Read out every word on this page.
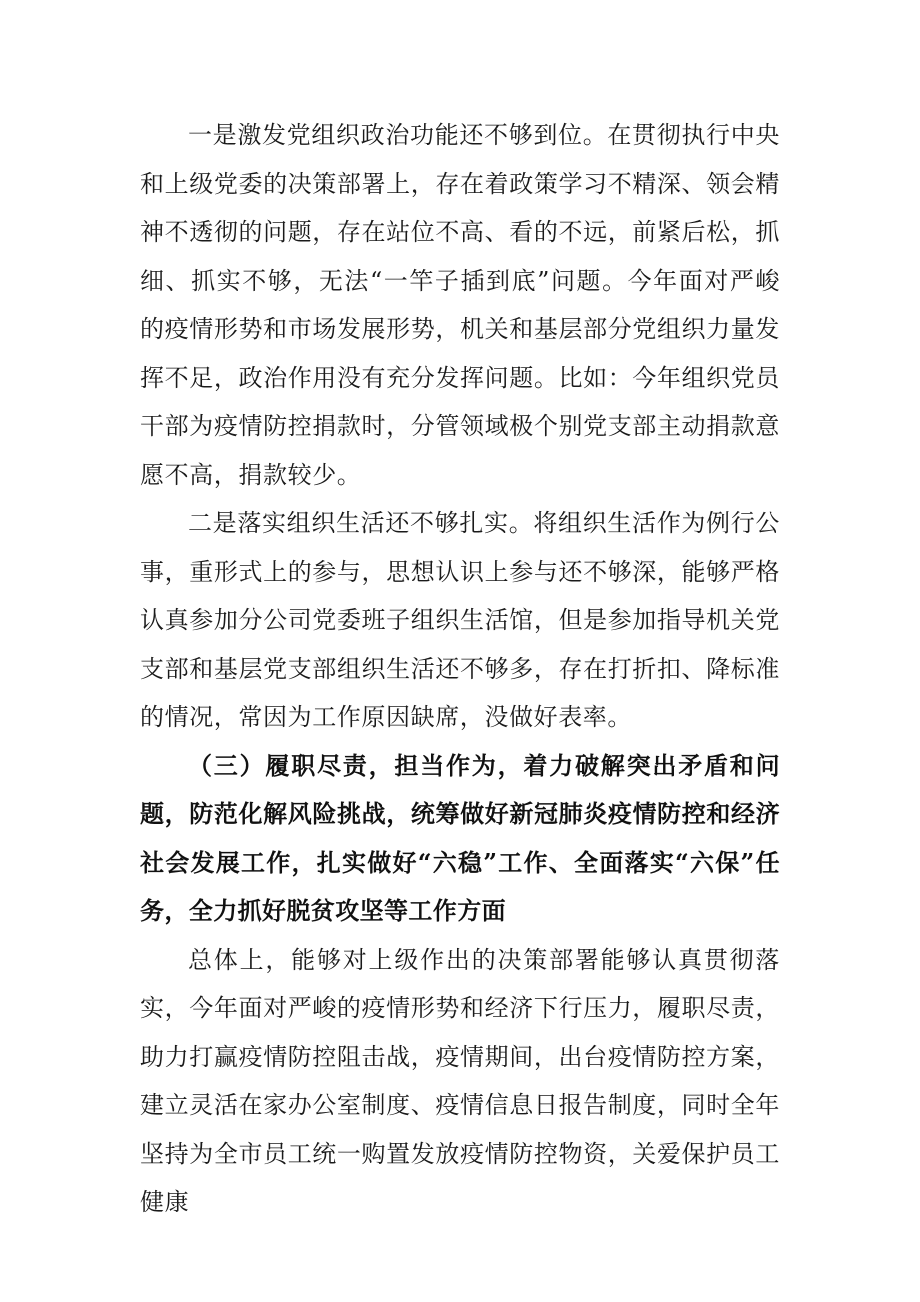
一是激发党组织政治功能还不够到位。在贯彻执行中央和上级党委的决策部署上，存在着政策学习不精深、领会精神不透彻的问题，存在站位不高、看的不远，前紧后松，抓细、抓实不够，无法“一竿子插到底”问题。今年面对严峻的疫情形势和市场发展形势，机关和基层部分党组织力量发挥不足，政治作用没有充分发挥问题。比如：今年组织党员干部为疫情防控捐款时，分管领域极个别党支部主动捐款意愿不高，捐款较少。

二是落实组织生活还不够扎实。将组织生活作为例行公事，重形式上的参与，思想认识上参与还不够深，能够严格认真参加分公司党委班子组织生活馆，但是参加指导机关党支部和基层党支部组织生活还不够多，存在打折扣、降标准的情况，常因为工作原因缺席，没做好表率。

（三）履职尽责，担当作为，着力破解突出矛盾和问题，防范化解风险挑战，统筹做好新冠肺炎疫情防控和经济社会发展工作，扎实做好“六稳”工作、全面落实“六保”任务，全力抓好脱贫攻坚等工作方面

总体上，能够对上级作出的决策部署能够认真贯彻落实，今年面对严峻的疫情形势和经济下行压力，履职尽责，助力打赢疫情防控阻击战，疫情期间，出台疫情防控方案，建立灵活在家办公室制度、疫情信息日报告制度，同时全年坚持为全市员工统一购置发放疫情防控物资，关爱保护员工健康
